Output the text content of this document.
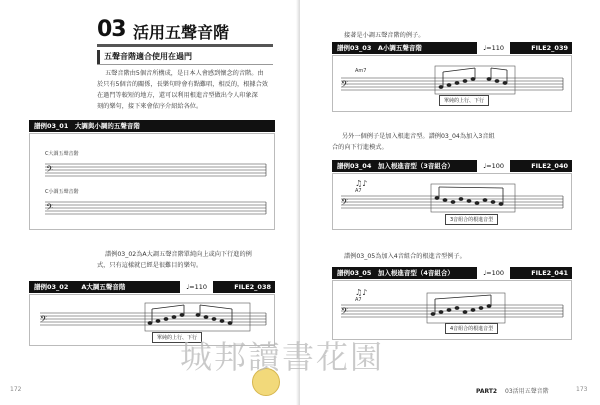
03 活用五聲音階
五聲音階適合使用在過門
五聲音階由5個音所構成，是日本人會感到懷念的音階。由
於只有5個音的關係，長樂句時會有點難唱，相反的，根據合效
在過門等較短的地方，還可以利用根進音型做出令人印象深
刻的樂句，接下來會依序介紹給各位。
譜例03_01　大調與小調的五聲音階
𝄢
𝄢
C大調五聲音階
C小調五聲音階
譜例03_02為A大調五聲音階單純向上或向下行進的例
式，只有這樣就已經是很難目的樂句。
譜例03_02　　A大調五聲音階	♩=110	FILE2_038
𝄢
單純的上行、下行
172
接著是小調五聲音階的例子。
譜例03_03　A小調五聲音階	♩=110	FILE2_039
𝄢
Am7
單純的上行、下行
另外一個例子是加入根進音型。譜例03_04為加入3音組
合的向下行進模式。
譜例03_04　加入根進音型（3音組合）	♩=100	FILE2_040
𝄢
♫♪
A7
3音組合的根進音型
譜例03_05為加入4音組合的根進音型例子。
譜例03_05　加入根進音型（4音組合）	♩=100	FILE2_041
𝄢
♫♪
A7
4音組合的根進音型
PART2 03活用五聲音階	173
城邦讀書花園
